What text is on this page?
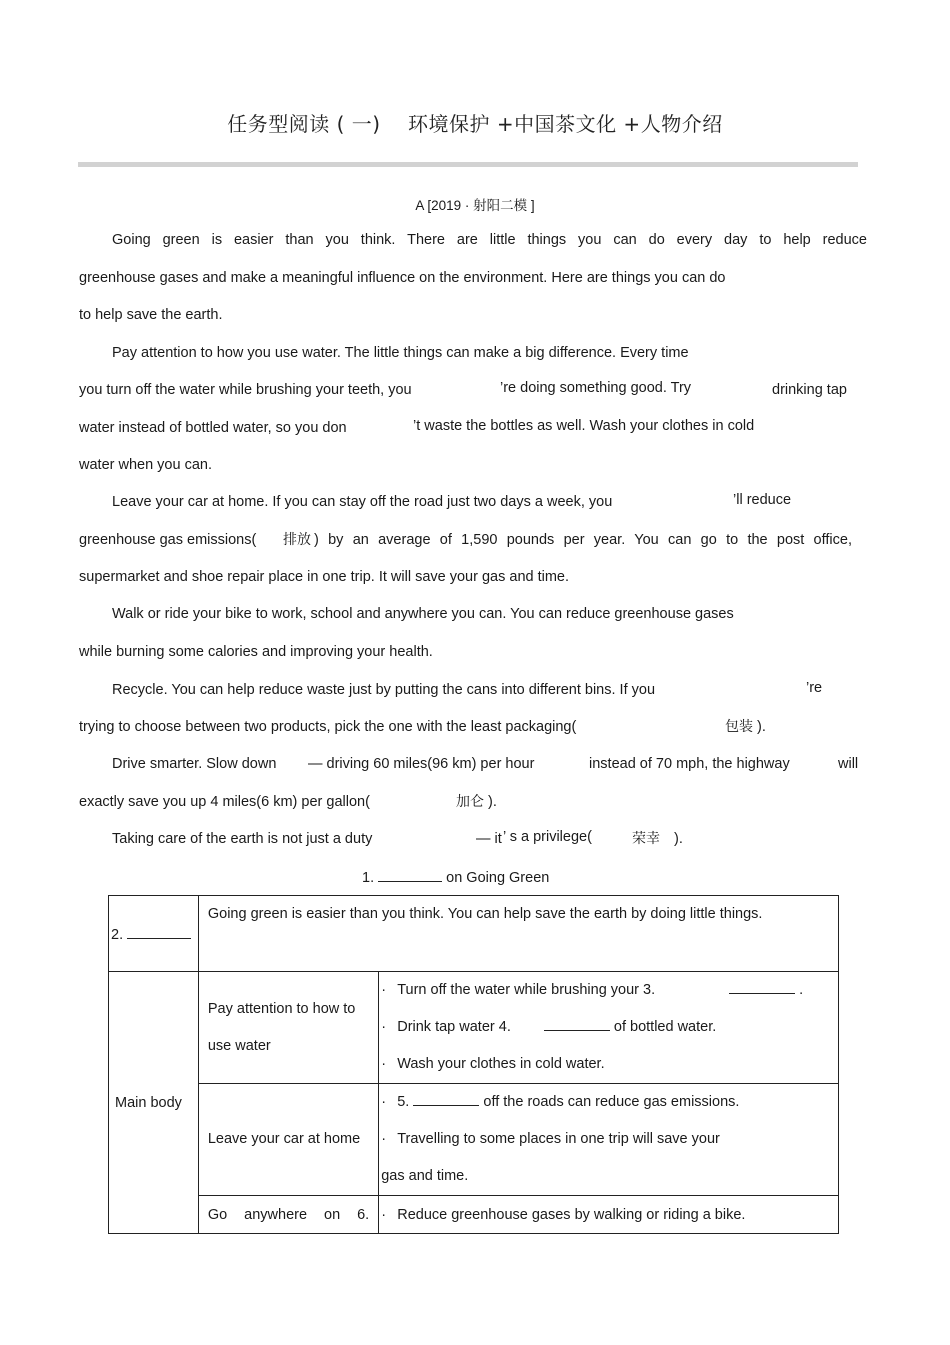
任务型阅读 ( 一)　 环境保护 +中国茶文化 +人物介绍
A [2019 · 射阳二模 ]
Going green is easier than you think. There are little things you can do every day to help reduce
greenhouse gases and make a meaningful influence on the environment. Here are things you can do
to help save the earth.
Pay attention to how you use water. The little things can make a big difference. Every time
you turn off the water while brushing your teeth, you	’re doing something good. Try	drinking tap
water instead of bottled water, so you don	’t waste the bottles as well. Wash your clothes in cold
water when you can.
Leave your car at home. If you can stay off the road just two days a week, you	’ll reduce
greenhouse gas emissions( 排放 ) by an average of 1,590 pounds per year. You can go to the post office,
supermarket and shoe repair place in one trip. It will save your gas and time.
Walk or ride your bike to work, school and anywhere you can. You can reduce greenhouse gases
while burning some calories and improving your health.
Recycle. You can help reduce waste just by putting the cans into different bins. If you	’re
trying to choose between two products, pick the one with the least packaging(	包装 ).
Drive smarter. Slow down — driving 60 miles(96 km) per hour	instead of 70 mph, the highway	will
exactly save you up 4 miles(6 km) per gallon(	加仑 ).
Taking care of the earth is not just a duty	— it ’ s a privilege(	荣幸 ).
1.	on Going Green
2.	Going green is easier than you think. You can help save the earth by doing little things.	

Main body	Pay attention to how to use water	· Turn off the water while brushing your 3. .
· Drink tap water 4. of bottled water.
· Wash your clothes in cold water.

	Leave your car at home	· 5. off the roads can reduce gas emissions.
· Travelling to some places in one trip will save your
gas and time.

	Go anywhere on 6.	· Reduce greenhouse gases by walking or riding a bike.
